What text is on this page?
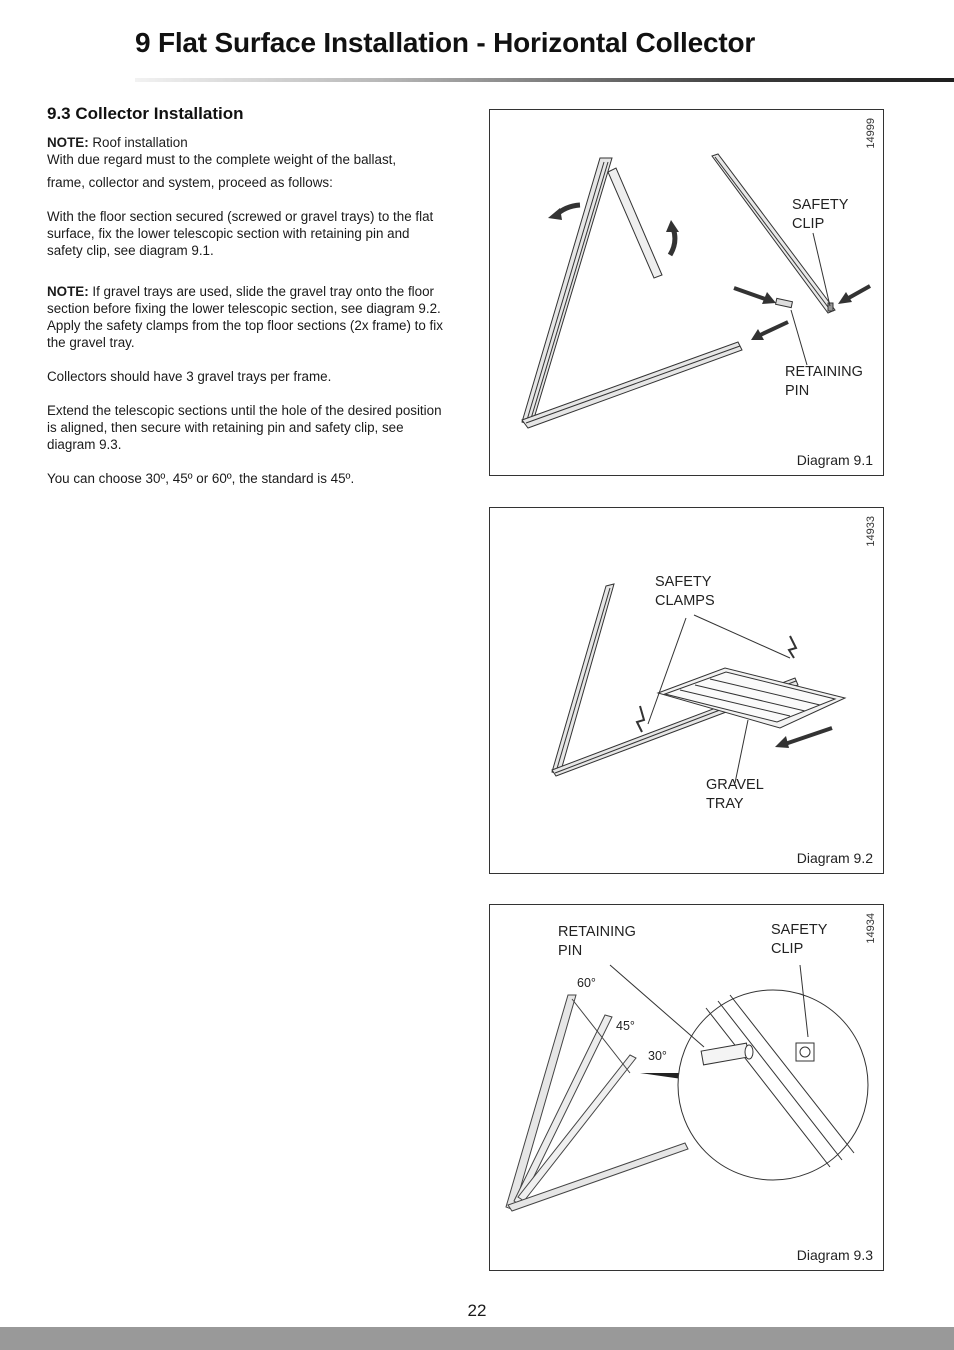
9 Flat Surface Installation - Horizontal Collector
9.3 Collector Installation

NOTE: Roof installation

With due regard must to the complete weight of the ballast,

frame, collector and system, proceed as follows:

With the floor section secured (screwed or gravel trays) to the flat surface, fix the lower telescopic section with retaining pin and safety clip, see diagram 9.1.

NOTE: If gravel trays are used, slide the gravel tray onto the floor section before fixing the lower telescopic section, see diagram 9.2.

Apply the safety clamps from the top floor sections (2x frame) to fix the gravel tray.

Collectors should have 3 gravel trays per frame.

Extend the telescopic sections until the hole of the desired position is aligned, then secure with retaining pin and safety clip, see diagram 9.3.

You can choose 30º, 45º or 60º, the standard is 45º.

14999
SAFETY
CLIP
RETAINING
PIN
Diagram 9.1
14933
SAFETY
CLAMPS
GRAVEL
TRAY
Diagram 9.2
14934
RETAINING
PIN
SAFETY
CLIP
60°
45°
30°
Diagram 9.3
22
